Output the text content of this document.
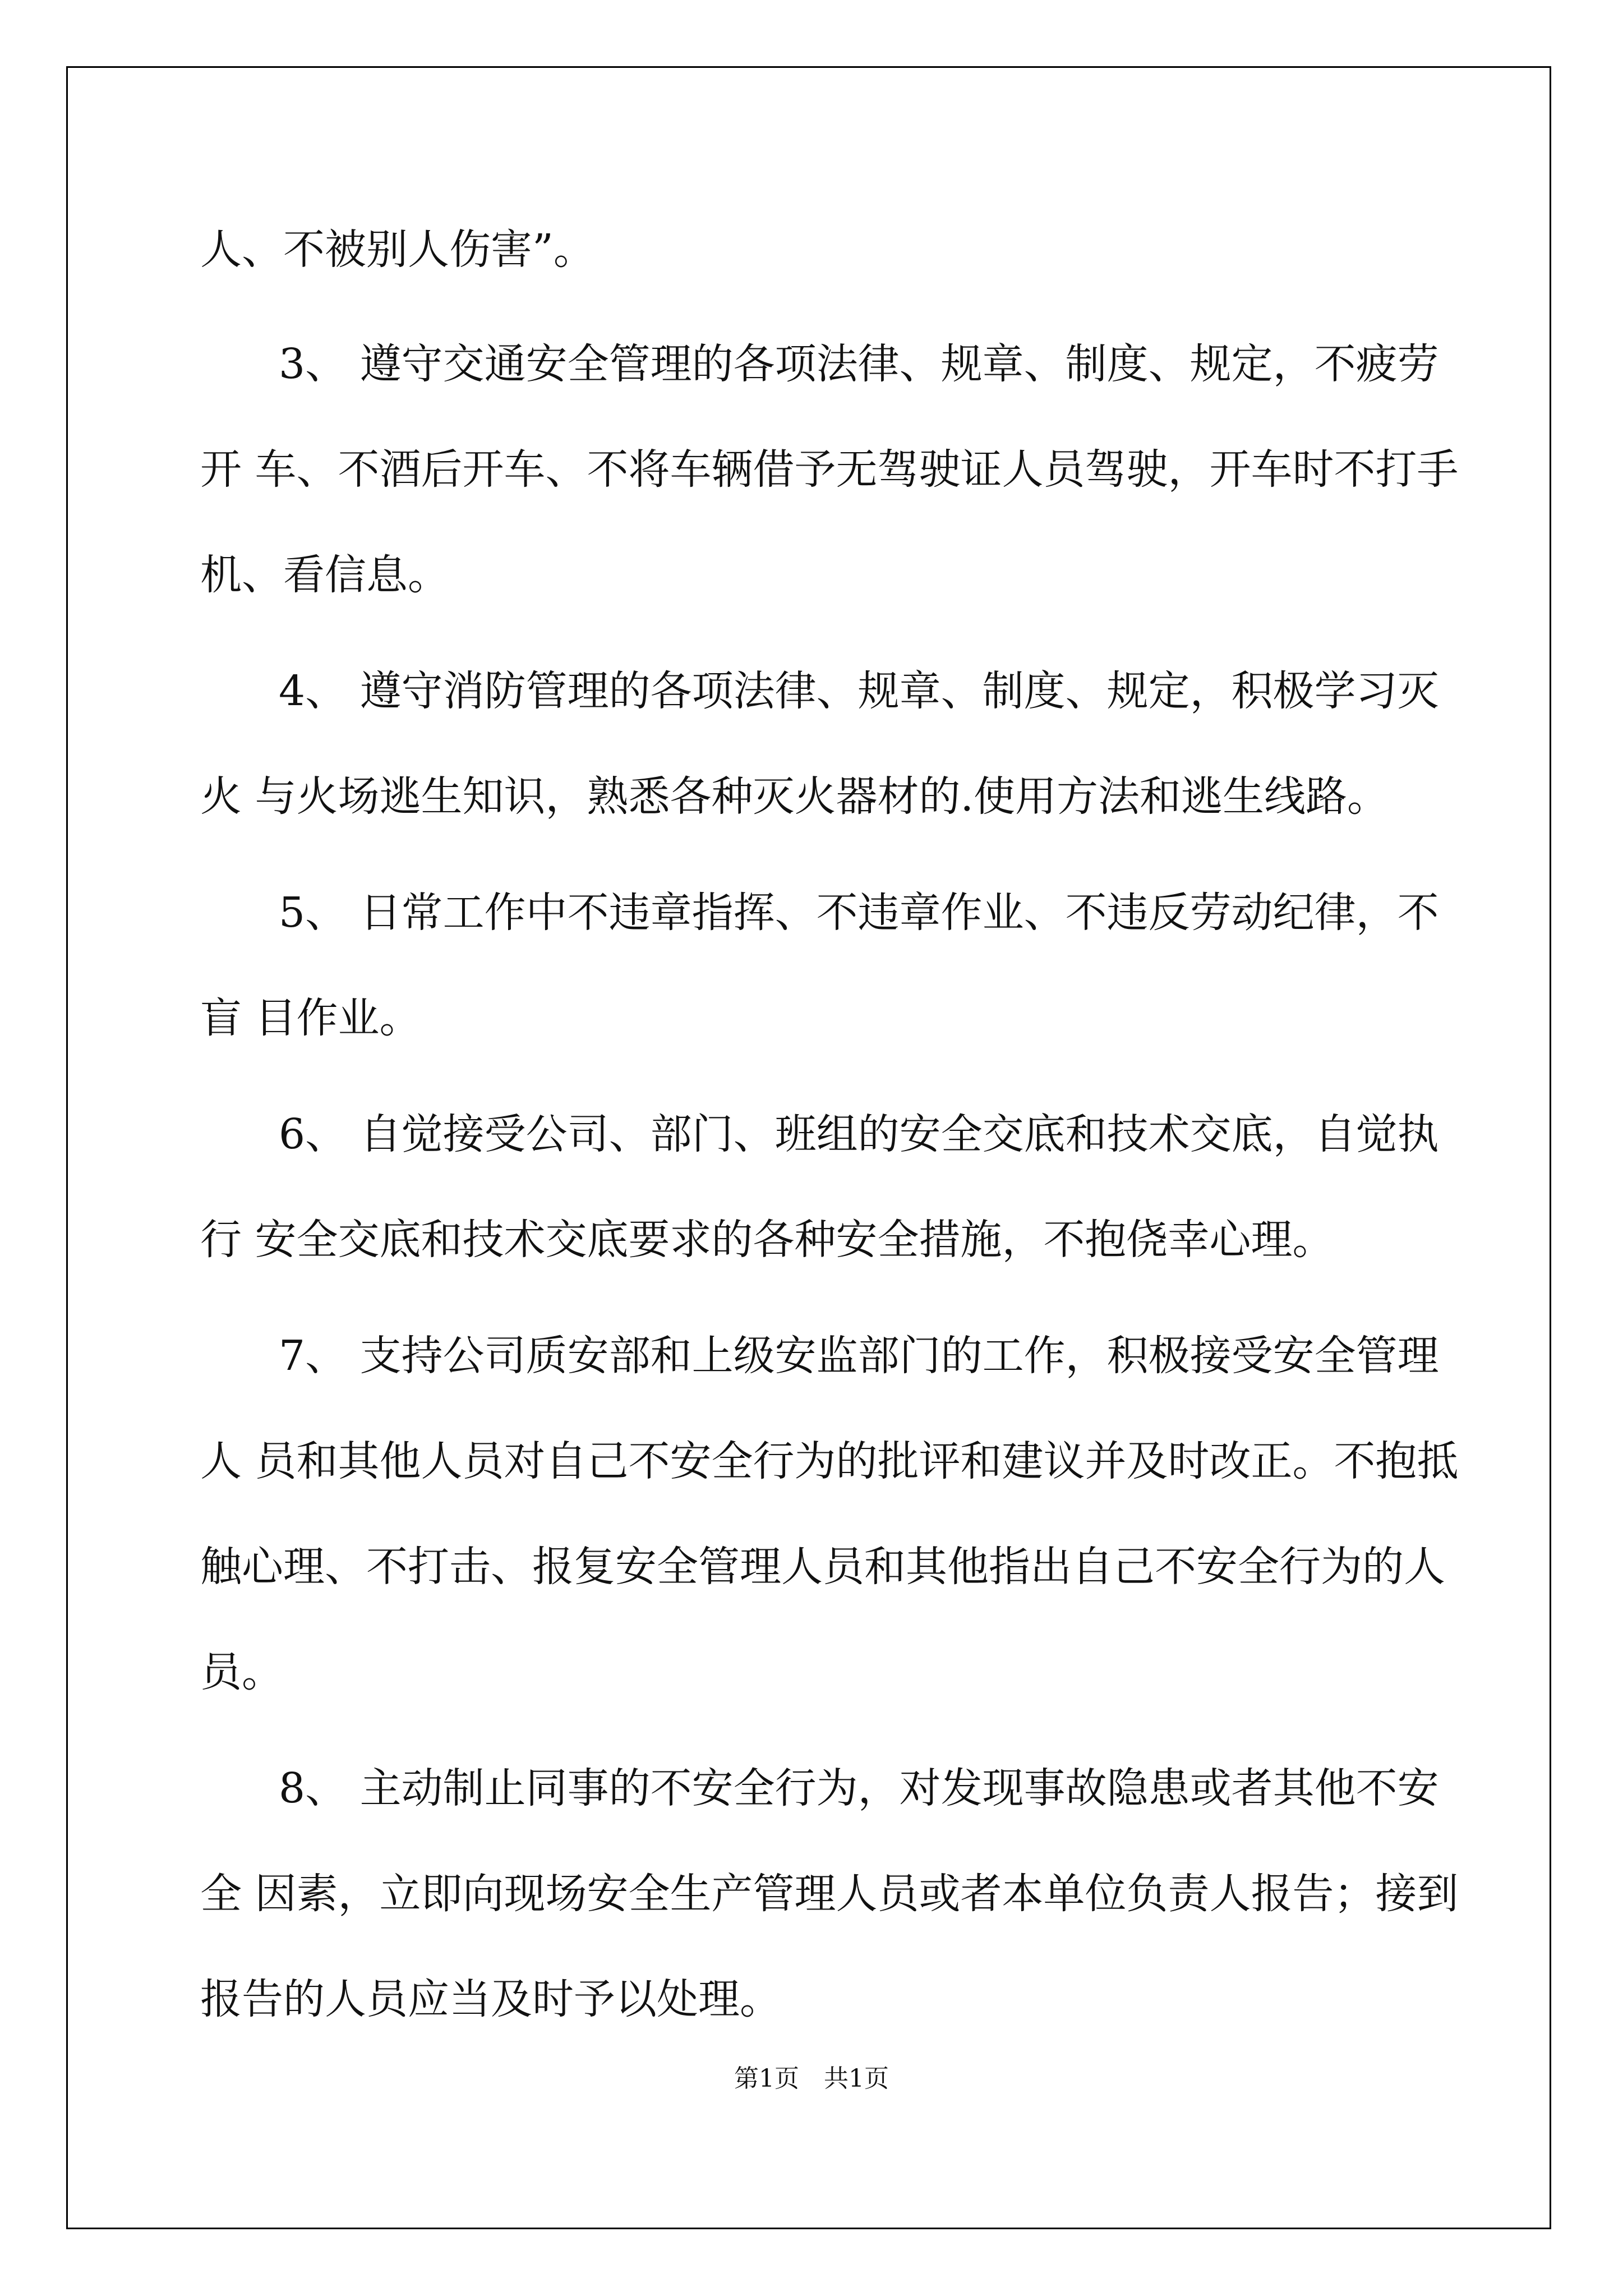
人、不被别人伤害”。
3、 遵守交通安全管理的各项法律、规章、制度、规定，不疲劳
开 车、不酒后开车、不将车辆借予无驾驶证人员驾驶，开车时不打手
机、看信息。
4、 遵守消防管理的各项法律、规章、制度、规定，积极学习灭
火 与火场逃生知识，熟悉各种灭火器材的.使用方法和逃生线路。
5、 日常工作中不违章指挥、不违章作业、不违反劳动纪律，不
盲 目作业。
6、 自觉接受公司、部门、班组的安全交底和技术交底，自觉执
行 安全交底和技术交底要求的各种安全措施，不抱侥幸心理。
7、 支持公司质安部和上级安监部门的工作，积极接受安全管理
人 员和其他人员对自己不安全行为的批评和建议并及时改正。不抱抵
触心理、不打击、报复安全管理人员和其他指出自己不安全行为的人
员。
8、 主动制止同事的不安全行为，对发现事故隐患或者其他不安
全 因素，立即向现场安全生产管理人员或者本单位负责人报告；接到
报告的人员应当及时予以处理。
第1页　共1页
